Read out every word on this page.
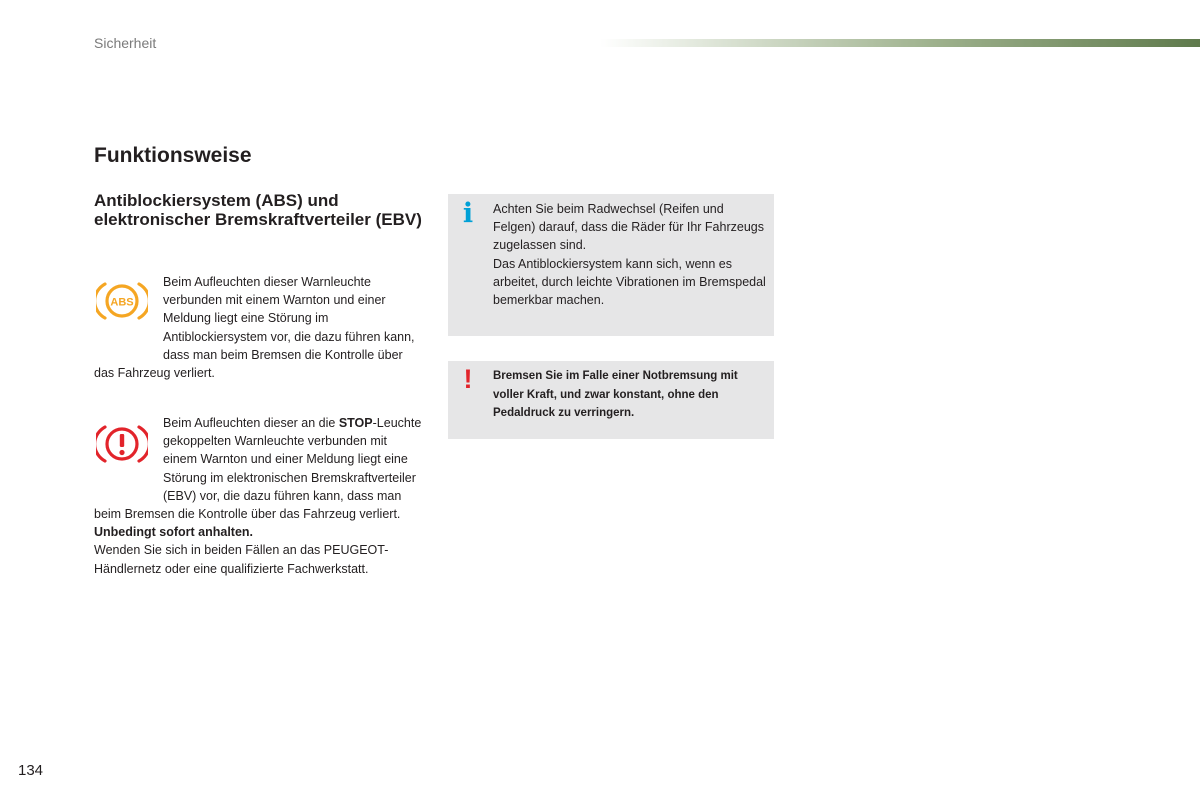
Sicherheit
Funktionsweise
Antiblockiersystem (ABS) und elektronischer Bremskraftverteiler (EBV)
ABS

Beim Aufleuchten dieser Warnleuchte verbunden mit einem Warnton und einer Meldung liegt eine Störung im Antiblockiersystem vor, die dazu führen kann, dass man beim Bremsen die Kontrolle über das Fahrzeug verliert.

Beim Aufleuchten dieser an die STOP-Leuchte gekoppelten Warnleuchte verbunden mit einem Warnton und einer Meldung liegt eine Störung im elektronischen Bremskraftverteiler (EBV) vor, die dazu führen kann, dass man beim Bremsen die Kontrolle über das Fahrzeug verliert.

Unbedingt sofort anhalten.

Wenden Sie sich in beiden Fällen an das PEUGEOT-Händlernetz oder eine qualifizierte Fachwerkstatt.

i	Achten Sie beim Radwechsel (Reifen und Felgen) darauf, dass die Räder für Ihr Fahrzeugs zugelassen sind.

Das Antiblockiersystem kann sich, wenn es arbeitet, durch leichte Vibrationen im Bremspedal bemerkbar machen.

!	Bremsen Sie im Falle einer Notbremsung mit voller Kraft, und zwar konstant, ohne den Pedaldruck zu verringern.

134
